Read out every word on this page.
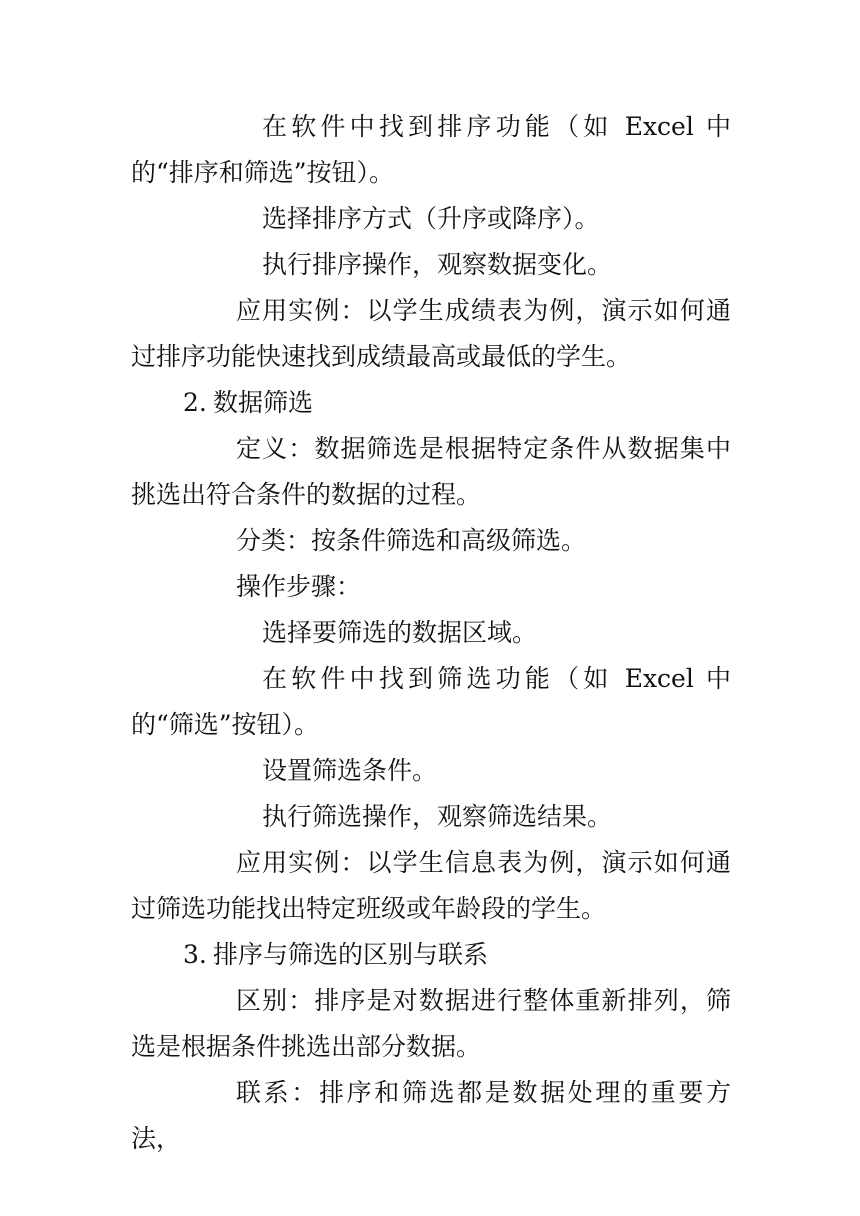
在软件中找到排序功能（如 Excel 中的“排序和筛选”按钮）。

选择排序方式（升序或降序）。

执行排序操作，观察数据变化。

应用实例：以学生成绩表为例，演示如何通过排序功能快速找到成绩最高或最低的学生。

2. 数据筛选

定义：数据筛选是根据特定条件从数据集中挑选出符合条件的数据的过程。

分类：按条件筛选和高级筛选。

操作步骤：

选择要筛选的数据区域。

在软件中找到筛选功能（如 Excel 中的“筛选”按钮）。

设置筛选条件。

执行筛选操作，观察筛选结果。

应用实例：以学生信息表为例，演示如何通过筛选功能找出特定班级或年龄段的学生。

3. 排序与筛选的区别与联系

区别：排序是对数据进行整体重新排列，筛选是根据条件挑选出部分数据。

联系：排序和筛选都是数据处理的重要方法，
